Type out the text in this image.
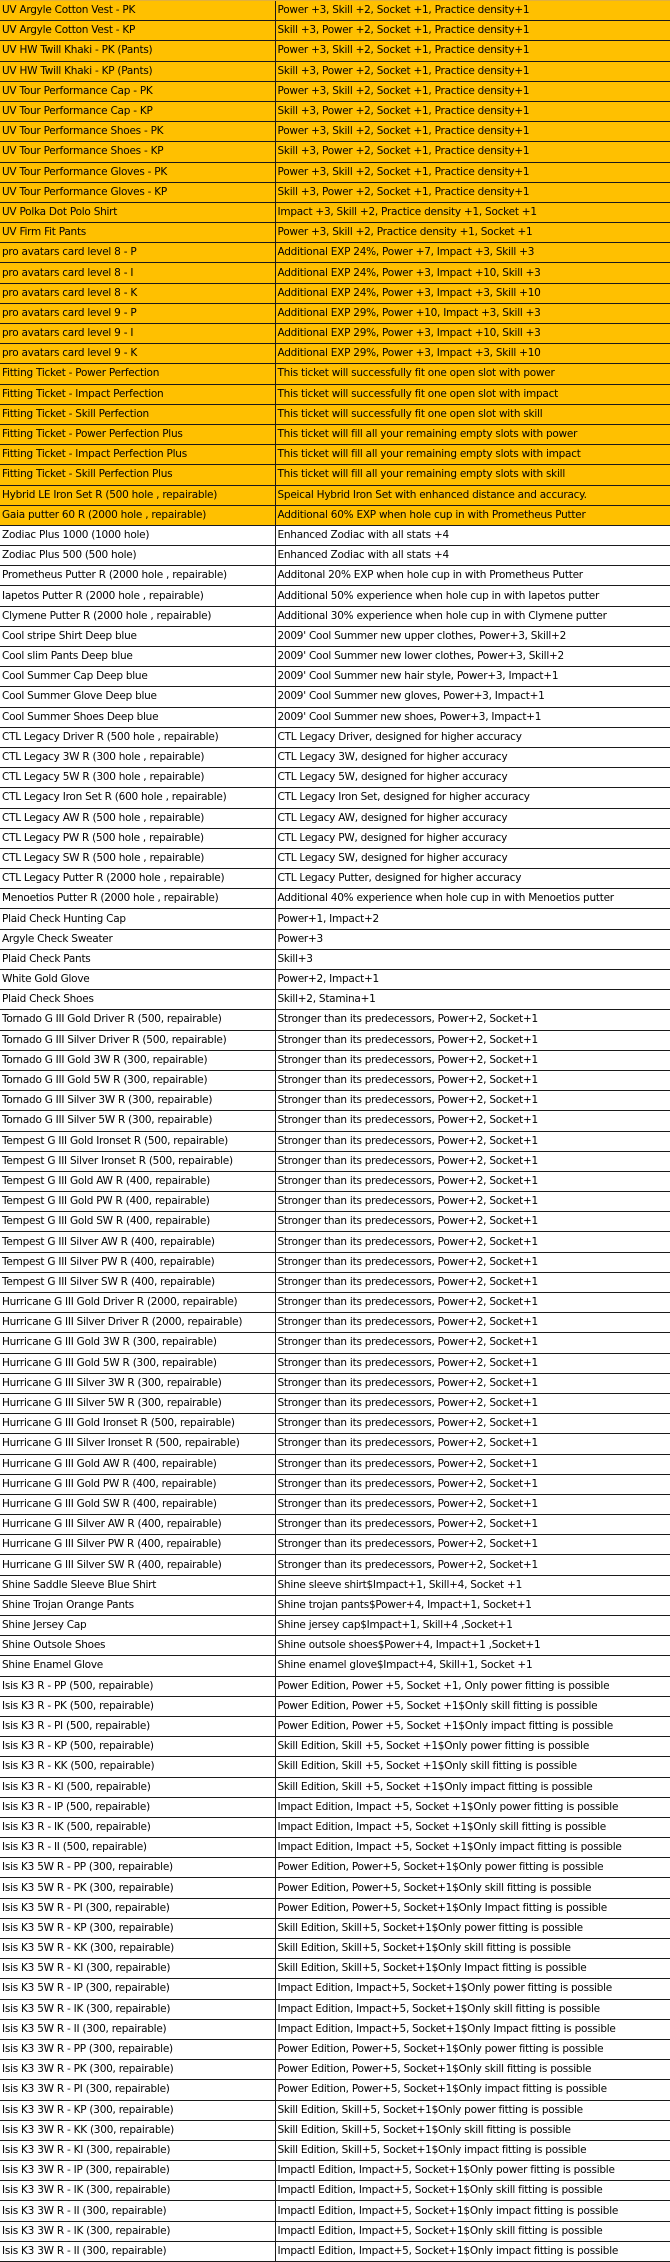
UV Argyle Cotton Vest - PK	Power +3, Skill +2, Socket +1, Practice density+1
UV Argyle Cotton Vest - KP	Skill +3, Power +2, Socket +1, Practice density+1
UV HW Twill Khaki - PK (Pants)	Power +3, Skill +2, Socket +1, Practice density+1
UV HW Twill Khaki - KP (Pants)	Skill +3, Power +2, Socket +1, Practice density+1
UV Tour Performance Cap - PK	Power +3, Skill +2, Socket +1, Practice density+1
UV Tour Performance Cap - KP	Skill +3, Power +2, Socket +1, Practice density+1
UV Tour Performance Shoes - PK	Power +3, Skill +2, Socket +1, Practice density+1
UV Tour Performance Shoes - KP	Skill +3, Power +2, Socket +1, Practice density+1
UV Tour Performance Gloves - PK	Power +3, Skill +2, Socket +1, Practice density+1
UV Tour Performance Gloves - KP	Skill +3, Power +2, Socket +1, Practice density+1
UV Polka Dot Polo Shirt	Impact +3, Skill +2, Practice density +1, Socket +1
UV Firm Fit Pants	Power +3, Skill +2, Practice density +1, Socket +1
pro avatars card level 8 - P	Additional EXP 24%, Power +7, Impact +3, Skill +3
pro avatars card level 8 - I	Additional EXP 24%, Power +3, Impact +10, Skill +3
pro avatars card level 8 - K	Additional EXP 24%, Power +3, Impact +3, Skill +10
pro avatars card level 9 - P	Additional EXP 29%, Power +10, Impact +3, Skill +3
pro avatars card level 9 - I	Additional EXP 29%, Power +3, Impact +10, Skill +3
pro avatars card level 9 - K	Additional EXP 29%, Power +3, Impact +3, Skill +10
Fitting Ticket - Power Perfection	This ticket will successfully fit one open slot with power
Fitting Ticket - Impact Perfection	This ticket will successfully fit one open slot with impact
Fitting Ticket - Skill Perfection	This ticket will successfully fit one open slot with skill
Fitting Ticket - Power Perfection Plus	This ticket will fill all your remaining empty slots with power
Fitting Ticket - Impact Perfection Plus	This ticket will fill all your remaining empty slots with impact
Fitting Ticket - Skill Perfection Plus	This ticket will fill all your remaining empty slots with skill
Hybrid LE Iron Set R (500 hole , repairable)	Speical Hybrid Iron Set with enhanced distance and accuracy.
Gaia putter 60 R (2000 hole , repairable)	Additional 60% EXP when hole cup in with Prometheus Putter
Zodiac Plus 1000 (1000 hole)	Enhanced Zodiac with all stats +4
Zodiac Plus 500 (500 hole)	Enhanced Zodiac with all stats +4
Prometheus Putter R (2000 hole , repairable)	Additonal 20% EXP when hole cup in with Prometheus Putter
Iapetos Putter R (2000 hole , repairable)	Additional 50% experience when hole cup in with Iapetos putter
Clymene Putter R (2000 hole , repairable)	Additional 30% experience when hole cup in with Clymene putter
Cool stripe Shirt Deep blue	2009' Cool Summer new upper clothes, Power+3, Skill+2
Cool slim Pants Deep blue	2009' Cool Summer new lower clothes, Power+3, Skill+2
Cool Summer Cap Deep blue	2009' Cool Summer new hair style, Power+3, Impact+1
Cool Summer Glove Deep blue	2009' Cool Summer new gloves, Power+3, Impact+1
Cool Summer Shoes Deep blue	2009' Cool Summer new shoes, Power+3, Impact+1
CTL Legacy Driver R (500 hole , repairable)	CTL Legacy Driver, designed for higher accuracy
CTL Legacy 3W R (300 hole , repairable)	CTL Legacy 3W, designed for higher accuracy
CTL Legacy 5W R (300 hole , repairable)	CTL Legacy 5W, designed for higher accuracy
CTL Legacy Iron Set R (600 hole , repairable)	CTL Legacy Iron Set, designed for higher accuracy
CTL Legacy AW R (500 hole , repairable)	CTL Legacy AW, designed for higher accuracy
CTL Legacy PW R (500 hole , repairable)	CTL Legacy PW, designed for higher accuracy
CTL Legacy SW R (500 hole , repairable)	CTL Legacy SW, designed for higher accuracy
CTL Legacy Putter R (2000 hole , repairable)	CTL Legacy Putter, designed for higher accuracy
Menoetios Putter R (2000 hole , repairable)	Additional 40% experience when hole cup in with Menoetios putter
Plaid Check Hunting Cap	Power+1, Impact+2
Argyle Check Sweater	Power+3
Plaid Check Pants	Skill+3
White Gold Glove	Power+2, Impact+1
Plaid Check Shoes	Skill+2, Stamina+1
Tornado G III Gold Driver R (500, repairable)	Stronger than its predecessors, Power+2, Socket+1
Tornado G III Silver Driver R (500, repairable)	Stronger than its predecessors, Power+2, Socket+1
Tornado G III Gold 3W R (300, repairable)	Stronger than its predecessors, Power+2, Socket+1
Tornado G III Gold 5W R (300, repairable)	Stronger than its predecessors, Power+2, Socket+1
Tornado G III Silver 3W R (300, repairable)	Stronger than its predecessors, Power+2, Socket+1
Tornado G III Silver 5W R (300, repairable)	Stronger than its predecessors, Power+2, Socket+1
Tempest G III Gold Ironset R (500, repairable)	Stronger than its predecessors, Power+2, Socket+1
Tempest G III Silver Ironset R (500, repairable)	Stronger than its predecessors, Power+2, Socket+1
Tempest G III Gold AW R (400, repairable)	Stronger than its predecessors, Power+2, Socket+1
Tempest G III Gold PW R (400, repairable)	Stronger than its predecessors, Power+2, Socket+1
Tempest G III Gold SW R (400, repairable)	Stronger than its predecessors, Power+2, Socket+1
Tempest G III Silver AW R (400, repairable)	Stronger than its predecessors, Power+2, Socket+1
Tempest G III Silver PW R (400, repairable)	Stronger than its predecessors, Power+2, Socket+1
Tempest G III Silver SW R (400, repairable)	Stronger than its predecessors, Power+2, Socket+1
Hurricane G III Gold Driver R (2000, repairable)	Stronger than its predecessors, Power+2, Socket+1
Hurricane G III Silver Driver R (2000, repairable)	Stronger than its predecessors, Power+2, Socket+1
Hurricane G III Gold 3W R (300, repairable)	Stronger than its predecessors, Power+2, Socket+1
Hurricane G III Gold 5W R (300, repairable)	Stronger than its predecessors, Power+2, Socket+1
Hurricane G III Silver 3W R (300, repairable)	Stronger than its predecessors, Power+2, Socket+1
Hurricane G III Silver 5W R (300, repairable)	Stronger than its predecessors, Power+2, Socket+1
Hurricane G III Gold Ironset R (500, repairable)	Stronger than its predecessors, Power+2, Socket+1
Hurricane G III Silver Ironset R (500, repairable)	Stronger than its predecessors, Power+2, Socket+1
Hurricane G III Gold AW R (400, repairable)	Stronger than its predecessors, Power+2, Socket+1
Hurricane G III Gold PW R (400, repairable)	Stronger than its predecessors, Power+2, Socket+1
Hurricane G III Gold SW R (400, repairable)	Stronger than its predecessors, Power+2, Socket+1
Hurricane G III Silver AW R (400, repairable)	Stronger than its predecessors, Power+2, Socket+1
Hurricane G III Silver PW R (400, repairable)	Stronger than its predecessors, Power+2, Socket+1
Hurricane G III Silver SW R (400, repairable)	Stronger than its predecessors, Power+2, Socket+1
Shine Saddle Sleeve Blue Shirt	Shine sleeve shirt$Impact+1, Skill+4, Socket +1
Shine Trojan Orange Pants	Shine trojan pants$Power+4, Impact+1, Socket+1
Shine Jersey Cap	Shine jersey cap$Impact+1, Skill+4 ,Socket+1
Shine Outsole Shoes	Shine outsole shoes$Power+4, Impact+1 ,Socket+1
Shine Enamel Glove	Shine enamel glove$Impact+4, Skill+1, Socket +1
Isis K3 R - PP (500, repairable)	Power Edition, Power +5, Socket +1, Only power fitting is possible
Isis K3 R - PK (500, repairable)	Power Edition, Power +5, Socket +1$Only skill fitting is possible
Isis K3 R - PI (500, repairable)	Power Edition, Power +5, Socket +1$Only impact fitting is possible
Isis K3 R - KP (500, repairable)	Skill Edition, Skill +5, Socket +1$Only power fitting is possible
Isis K3 R - KK (500, repairable)	Skill Edition, Skill +5, Socket +1$Only skill fitting is possible
Isis K3 R - KI (500, repairable)	Skill Edition, Skill +5, Socket +1$Only impact fitting is possible
Isis K3 R - IP (500, repairable)	Impact Edition, Impact +5, Socket +1$Only power fitting is possible
Isis K3 R - IK (500, repairable)	Impact Edition, Impact +5, Socket +1$Only skill fitting is possible
Isis K3 R - II (500, repairable)	Impact Edition, Impact +5, Socket +1$Only impact fitting is possible
Isis K3 5W R - PP (300, repairable)	Power Edition, Power+5, Socket+1$Only power fitting is possible
Isis K3 5W R - PK (300, repairable)	Power Edition, Power+5, Socket+1$Only skill fitting is possible
Isis K3 5W R - PI (300, repairable)	Power Edition, Power+5, Socket+1$Only Impact fitting is possible
Isis K3 5W R - KP (300, repairable)	Skill Edition, Skill+5, Socket+1$Only power fitting is possible
Isis K3 5W R - KK (300, repairable)	Skill Edition, Skill+5, Socket+1$Only skill fitting is possible
Isis K3 5W R - KI (300, repairable)	Skill Edition, Skill+5, Socket+1$Only Impact fitting is possible
Isis K3 5W R - IP (300, repairable)	Impact Edition, Impact+5, Socket+1$Only power fitting is possible
Isis K3 5W R - IK (300, repairable)	Impact Edition, Impact+5, Socket+1$Only skill fitting is possible
Isis K3 5W R - II (300, repairable)	Impact Edition, Impact+5, Socket+1$Only Impact fitting is possible
Isis K3 3W R - PP (300, repairable)	Power Edition, Power+5, Socket+1$Only power fitting is possible
Isis K3 3W R - PK (300, repairable)	Power Edition, Power+5, Socket+1$Only skill fitting is possible
Isis K3 3W R - PI (300, repairable)	Power Edition, Power+5, Socket+1$Only impact fitting is possible
Isis K3 3W R - KP (300, repairable)	Skill Edition, Skill+5, Socket+1$Only power fitting is possible
Isis K3 3W R - KK (300, repairable)	Skill Edition, Skill+5, Socket+1$Only skill fitting is possible
Isis K3 3W R - KI (300, repairable)	Skill Edition, Skill+5, Socket+1$Only impact fitting is possible
Isis K3 3W R - IP (300, repairable)	Impactl Edition, Impact+5, Socket+1$Only power fitting is possible
Isis K3 3W R - IK (300, repairable)	Impactl Edition, Impact+5, Socket+1$Only skill fitting is possible
Isis K3 3W R - II (300, repairable)	Impactl Edition, Impact+5, Socket+1$Only impact fitting is possible
Isis K3 3W R - IK (300, repairable)	Impactl Edition, Impact+5, Socket+1$Only skill fitting is possible
Isis K3 3W R - II (300, repairable)	Impactl Edition, Impact+5, Socket+1$Only impact fitting is possible
